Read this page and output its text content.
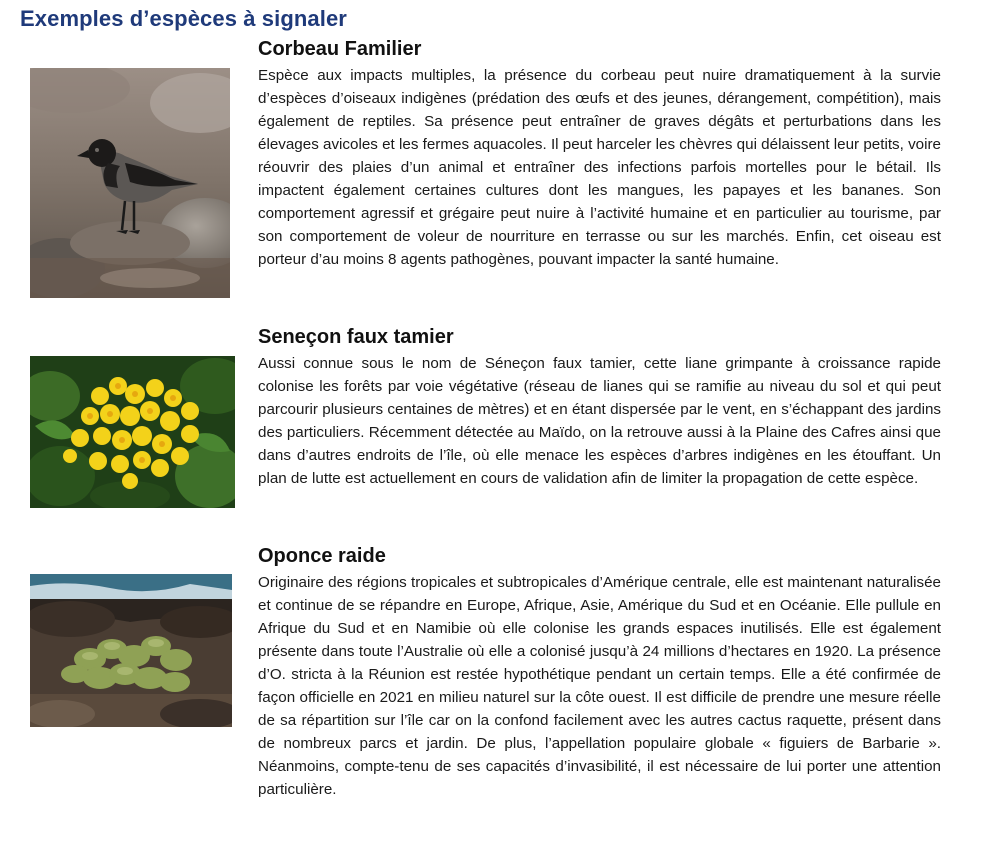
Exemples d’espèces à signaler
Corbeau Familier

Espèce aux impacts multiples, la présence du corbeau peut nuire dramatiquement à la survie d’espèces d’oiseaux indigènes (prédation des œufs et des jeunes, dérangement, compétition), mais également de reptiles. Sa présence peut entraîner de graves dégâts et perturbations dans les élevages avicoles et les fermes aquacoles. Il peut harceler les chèvres qui délaissent leur petits, voire réouvrir des plaies d’un animal et entraîner des infections parfois mortelles pour le bétail. Ils impactent également certaines cultures dont les mangues, les papayes et les bananes. Son comportement agressif et grégaire peut nuire à l’activité humaine et en particulier au tourisme, par son comportement de voleur de nourriture en terrasse ou sur les marchés. Enfin, cet oiseau est porteur d’au moins 8 agents pathogènes, pouvant impacter la santé humaine.

Seneçon faux tamier

Aussi connue sous le nom de Séneçon faux tamier, cette liane grimpante à croissance rapide colonise les forêts par voie végétative (réseau de lianes qui se ramifie au niveau du sol et qui peut parcourir plusieurs centaines de mètres) et en étant dispersée par le vent, en s’échappant des jardins des particuliers. Récemment détectée au Maïdo, on la retrouve aussi à la Plaine des Cafres ainsi que dans d’autres endroits de l’île, où elle menace les espèces d’arbres indigènes en les étouffant. Un plan de lutte est actuellement en cours de validation afin de limiter la propagation de cette espèce.

Oponce raide

Originaire des régions tropicales et subtropicales d’Amérique centrale, elle est maintenant naturalisée et continue de se répandre en Europe, Afrique, Asie, Amérique du Sud et en Océanie. Elle pullule en Afrique du Sud et en Namibie où elle colonise les grands espaces inutilisés. Elle est également présente dans toute l’Australie où elle a colonisé jusqu’à 24 millions d’hectares en 1920. La présence d’O. stricta à la Réunion est restée hypothétique pendant un certain temps. Elle a été confirmée de façon officielle en 2021 en milieu naturel sur la côte ouest. Il est difficile de prendre une mesure réelle de sa répartition sur l’île car on la confond facilement avec les autres cactus raquette, présent dans de nombreux parcs et jardin. De plus, l’appellation populaire globale « figuiers de Barbarie ». Néanmoins, compte-tenu de ses capacités d’invasibilité, il est nécessaire de lui porter une attention particulière.
